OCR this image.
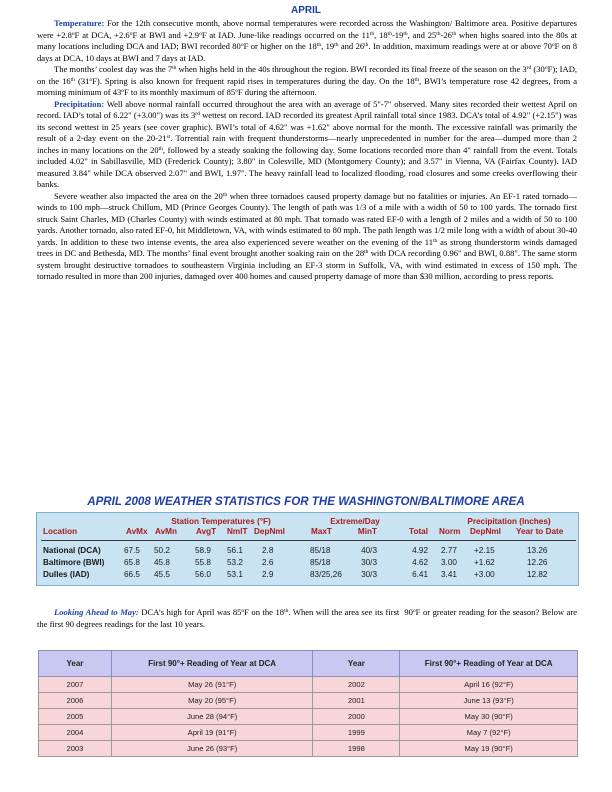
APRIL

Temperature: For the 12th consecutive month, above normal temperatures were recorded across the Washington/ Baltimore area. Positive departures were $+2.8^oF$ at DCA, $+2.6^oF$ at BWI and $+2.9^oF$ at IAD. June-like readings occurred on the 11th, 18th-19th, and 25th-26th when highs soared into the 80s at many locations including DCA and IAD; BWI recorded 80$^o$F or higher on the 18th, 19th and 26th. In addition, maximum readings were at or above 70$^o$F on 8 days at DCA, 10 days at BWI and 7 days at IAD.

The months’ coolest day was the 7th when highs held in the 40s throughout the region. BWI recorded its final freeze of the season on the 3rd (30$^o$F); IAD, on the 16th (31$^o$F). Spring is also known for frequent rapid rises in temperatures during the day. On the 18th, BWI’s temperature rose 42 degrees, from a morning minimum of 43$^o$F to its monthly maximum of 85$^o$F during the afternoon.

Precipitation: Well above normal rainfall occurred throughout the area with an average of 5"-7" observed. Many sites recorded their wettest April on record. IAD’s total of 6.22" (+3.00") was its 3rd wettest on record. IAD recorded its greatest April rainfall total since 1983. DCA’s total of 4.92" (+2.15") was its second wettest in 25 years (see cover graphic). BWI’s total of 4.62" was +1.62" above normal for the month. The excessive rainfall was primarily the result of a 2-day event on the 20-21st. Torrential rain with frequent thunderstorms—nearly unprecedented in number for the area—dumped more than 2 inches in many locations on the 20th, followed by a steady soaking the following day. Some locations recorded more than 4" rainfall from the event. Totals included 4.02" in Sabillasville, MD (Frederick County); 3.80" in Colesville, MD (Montgomery County); and 3.57" in Vienna, VA (Fairfax County). IAD measured 3.84" while DCA observed 2.07" and BWI, 1.97". The heavy rainfall lead to localized flooding, road closures and some creeks overflowing their banks.

Severe weather also impacted the area on the 20th when three tornadoes caused property damage but no fatalities or injuries. An EF-1 rated tornado—winds to 100 mph—struck Chillum, MD (Prince Georges County). The length of path was 1/3 of a mile with a width of 50 to 100 yards. The tornado first struck Saint Charles, MD (Charles County) with winds estimated at 80 mph. That tornado was rated EF-0 with a length of 2 miles and a width of 50 to 100 yards. Another tornado, also rated EF-0, hit Middletown, VA, with winds estimated to 80 mph. The path length was 1/2 mile long with a width of about 30-40 yards. In addition to these two intense events, the area also experienced severe weather on the evening of the 11th as strong thunderstorm winds damaged trees in DC and Bethesda, MD. The months’ final event brought another soaking rain on the 28th with DCA recording 0.96" and BWI, 0.88". The same storm system brought destructive tornadoes to southeastern Virginia including an EF-3 storm in Suffolk, VA, with wind estimated in excess of 150 mph. The tornado resulted in more than 200 injuries, damaged over 400 homes and caused property damage of more than $30 million, according to press reports.

APRIL 2008 WEATHER STATISTICS FOR THE WASHINGTON/BALTIMORE AREA
Station Temperatures (°F)	Extreme/Day	Precipitation (Inches)
Location	AvMx AvMn AvgT NmlT DepNml	MaxT	MinT	Total Norm DepNml Year to Date
National (DCA)	67.5 50.2	58.9 56.1 2.8	85/18	40/3	4.92 2.77 +2.15	13.26
Baltimore (BWI) 65.8 45.8	55.8 53.2 2.6	85/18	30/3	4.62 3.00 +1.62	12.26
Dulles (IAD)	66.5 45.5	56.0 53.1 2.9	83/25,26	30/3	6.41 3.41 +3.00	12.82

Looking Ahead to May: DCA’s high for April was 85$^o$F on the 18th. When will the area see its first  90$^o$F or greater reading for the season? Below are the first 90 degrees readings for the last 10 years.

Year	First 90°+ Reading of Year at DCA	Year	First 90°+ Reading of Year at DCA
2007	May 26 (91°F)	2002	April 16 (92°F)
2006	May 20 (95°F)	2001	June 13 (93°F)
2005	June 28 (94°F)	2000	May 30 (90°F)
2004	April 19 (91°F)	1999	May 7 (92°F)
2003	June 26 (93°F)	1998	May 19 (90°F)
